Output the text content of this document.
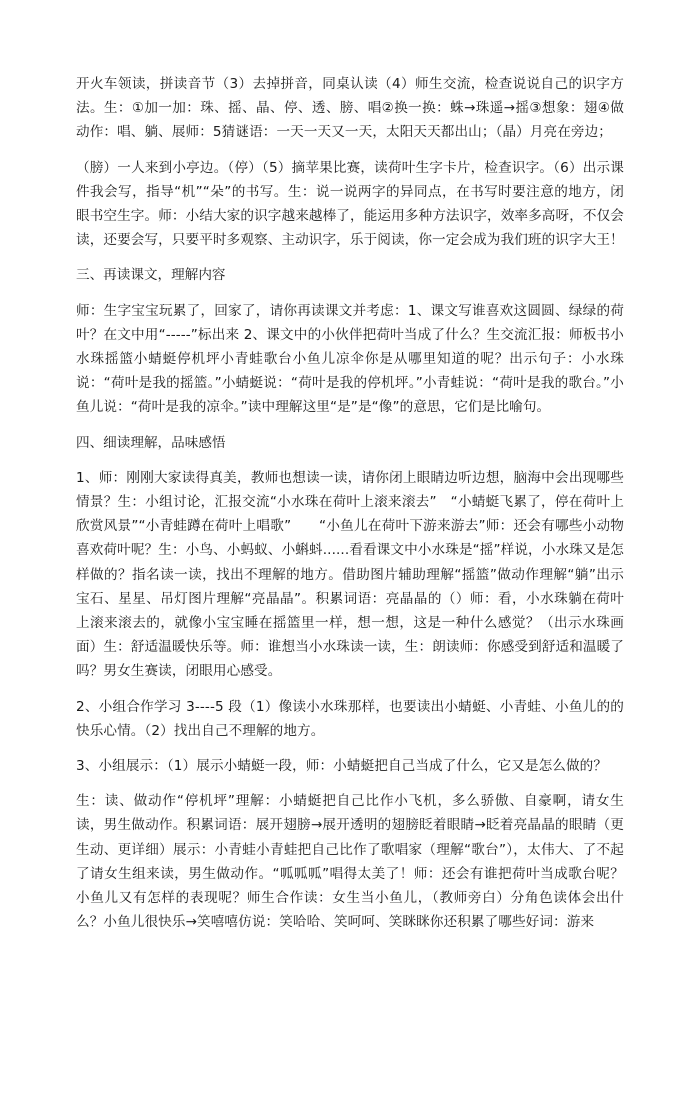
开火车领读，拼读音节（3）去掉拼音，同桌认读（4）师生交流，检查说说自己的识字方法。生：①加一加：珠、摇、晶、停、透、膀、唱②换一换：蛛→珠遥→摇③想象：翅④做动作：唱、躺、展师：5猜谜语：一天一天又一天，太阳天天都出山；（晶）月亮在旁边；

（膀）一人来到小亭边。（停）（5）摘苹果比赛，读荷叶生字卡片，检查识字。（6）出示课件我会写，指导“机”“朵”的书写。生：说一说两字的异同点，在书写时要注意的地方，闭眼书空生字。师：小结大家的识字越来越棒了，能运用多种方法识字，效率多高呀，不仅会读，还要会写，只要平时多观察、主动识字，乐于阅读，你一定会成为我们班的识字大王！

三、再读课文，理解内容

师：生字宝宝玩累了，回家了，请你再读课文并考虑：1、课文写谁喜欢这圆圆、绿绿的荷叶？在文中用“-----”标出来 2、课文中的小伙伴把荷叶当成了什么？生交流汇报：师板书小水珠摇篮小蜻蜓停机坪小青蛙歌台小鱼儿凉伞你是从哪里知道的呢？出示句子：小水珠说：“荷叶是我的摇篮。”小蜻蜓说：“荷叶是我的停机坪。”小青蛙说：“荷叶是我的歌台。”小鱼儿说：“荷叶是我的凉伞。”读中理解这里“是”是“像”的意思，它们是比喻句。

四、细读理解，品味感悟

1、师：刚刚大家读得真美，教师也想读一读，请你闭上眼睛边听边想，脑海中会出现哪些情景？生：小组讨论，汇报交流“小水珠在荷叶上滚来滚去”　“小蜻蜓飞累了，停在荷叶上欣赏风景”“小青蛙蹲在荷叶上唱歌”　　“小鱼儿在荷叶下游来游去”师：还会有哪些小动物喜欢荷叶呢？生：小鸟、小蚂蚁、小蝌蚪......看看课文中小水珠是“摇”样说，小水珠又是怎样做的？指名读一读，找出不理解的地方。借助图片辅助理解“摇篮”做动作理解“躺”出示宝石、星星、吊灯图片理解“亮晶晶”。积累词语：亮晶晶的（）师：看，小水珠躺在荷叶上滚来滚去的，就像小宝宝睡在摇篮里一样，想一想，这是一种什么感觉？（出示水珠画面）生：舒适温暖快乐等。师：谁想当小水珠读一读，生：朗读师：你感受到舒适和温暖了吗？男女生赛读，闭眼用心感受。

2、小组合作学习 3----5 段（1）像读小水珠那样，也要读出小蜻蜓、小青蛙、小鱼儿的的快乐心情。（2）找出自己不理解的地方。

3、小组展示：（1）展示小蜻蜓一段，师：小蜻蜓把自己当成了什么，它又是怎么做的？

生：读、做动作“停机坪”理解：小蜻蜓把自己比作小飞机，多么骄傲、自豪啊，请女生读，男生做动作。积累词语：展开翅膀→展开透明的翅膀眨着眼睛→眨着亮晶晶的眼睛（更生动、更详细）展示：小青蛙小青蛙把自己比作了歌唱家（理解“歌台”），太伟大、了不起了请女生组来读，男生做动作。“呱呱呱”唱得太美了！师：还会有谁把荷叶当成歌台呢？小鱼儿又有怎样的表现呢？师生合作读：女生当小鱼儿，（教师旁白）分角色读体会出什么？小鱼儿很快乐→笑嘻嘻仿说：笑哈哈、笑呵呵、笑眯眯你还积累了哪些好词：游来
